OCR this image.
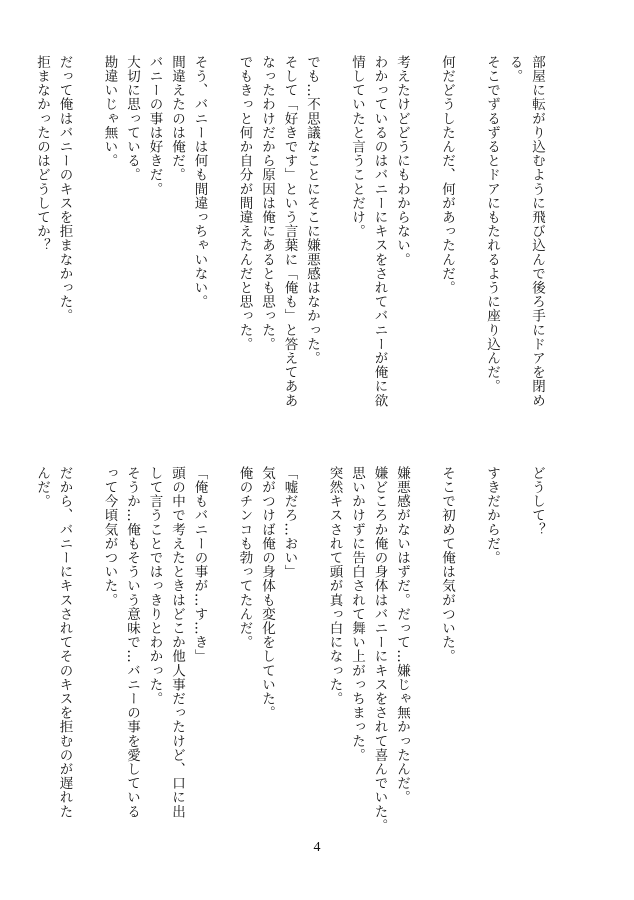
部屋に転がり込むように飛び込んで後ろ手にドアを閉め
る。
そこでずるずるとドアにもたれるように座り込んだ。

何だどうしたんだ、何があったんだ。

考えたけどどうにもわからない。
わかっているのはバニーにキスをされてバニーが俺に欲
情していたと言うことだけ。

でも…不思議なことにそこに嫌悪感はなかった。
そして「好きです」という言葉に「俺も」と答えてああ
なったわけだから原因は俺にあるとも思った。
でもきっと何か自分が間違えたんだと思った。

そう、バニーは何も間違っちゃいない。
間違えたのは俺だ。
バニーの事は好きだ。
大切に思っている。
勘違いじゃ無い。

だって俺はバニーのキスを拒まなかった。
拒まなかったのはどうしてか？
どうして？

すきだからだ。

そこで初めて俺は気がついた。

嫌悪感がないはずだ。だって…嫌じゃ無かったんだ。
嫌どころか俺の身体はバニーにキスをされて喜んでいた。
思いかけずに告白されて舞い上がっちまった。
突然キスされて頭が真っ白になった。

「嘘だろ…おい」
気がつけば俺の身体も変化をしていた。
俺のチンコも勃ってたんだ。

「俺もバニーの事が…す…き」
頭の中で考えたときはどこか他人事だったけど、口に出
して言うことではっきりとわかった。
そうか…俺もそういう意味で…バニーの事を愛している
って今頃気がついた。

だから、バニーにキスされてそのキスを拒むのが遅れた
んだ。
4
